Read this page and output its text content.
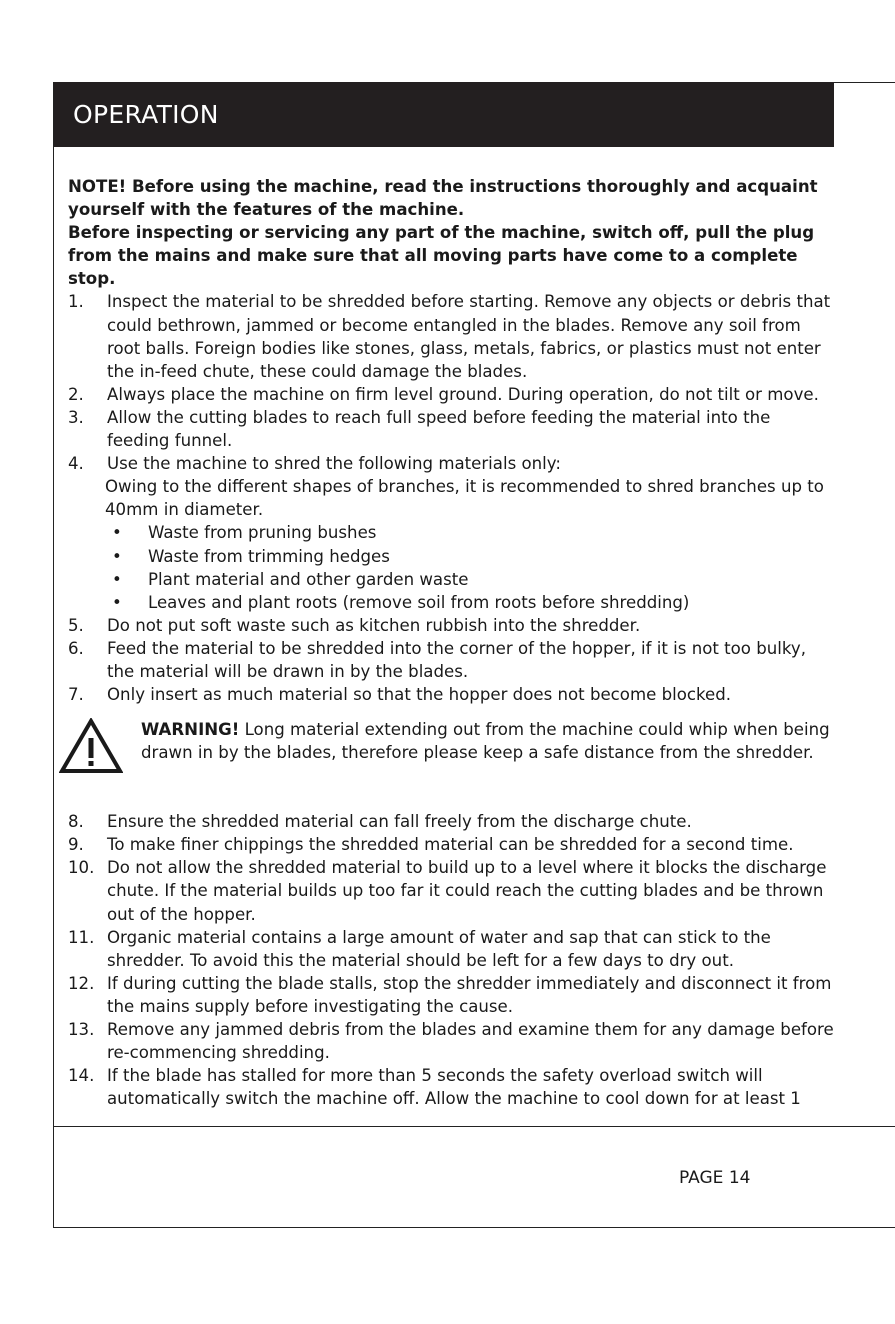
OPERATION

NOTE! Before using the machine, read the instructions thoroughly and acquaint yourself with the features of the machine.

Before inspecting or servicing any part of the machine, switch off, pull the plug from the mains and make sure that all moving parts have come to a complete stop.

1.	Inspect the material to be shredded before starting. Remove any objects or debris that could bethrown, jammed or become entangled in the blades. Remove any soil from root balls. Foreign bodies like stones, glass, metals, fabrics, or plastics must not enter the in-feed chute, these could damage the blades.
2.	Always place the machine on firm level ground. During operation, do not tilt or move.
3.	Allow the cutting blades to reach full speed before feeding the material into the feeding funnel.
4.	Use the machine to shred the following materials only:
Owing to the different shapes of branches, it is recommended to shred branches up to 40mm in diameter.
•	Waste from pruning bushes
•	Waste from trimming hedges
•	Plant material and other garden waste
•	Leaves and plant roots (remove soil from roots before shredding)
5.	Do not put soft waste such as kitchen rubbish into the shredder.
6.	Feed the material to be shredded into the corner of the hopper, if it is not too bulky, the material will be drawn in by the blades.
7.	Only insert as much material so that the hopper does not become blocked.
WARNING! Long material extending out from the machine could whip when being drawn in by the blades, therefore please keep a safe distance from the shredder.
8.	Ensure the shredded material can fall freely from the discharge chute.
9.	To make finer chippings the shredded material can be shredded for a second time.
10. Do not allow the shredded material to build up to a level where it blocks the discharge chute. If the material builds up too far it could reach the cutting blades and be thrown out of the hopper.
11. Organic material contains a large amount of water and sap that can stick to the shredder. To avoid this the material should be left for a few days to dry out.
12. If during cutting the blade stalls, stop the shredder immediately and disconnect it from the mains supply before investigating the cause.
13. Remove any jammed debris from the blades and examine them for any damage before re-commencing shredding.
14. If the blade has stalled for more than 5 seconds the safety overload switch will automatically switch the machine off. Allow the machine to cool down for at least 1
PAGE 14
